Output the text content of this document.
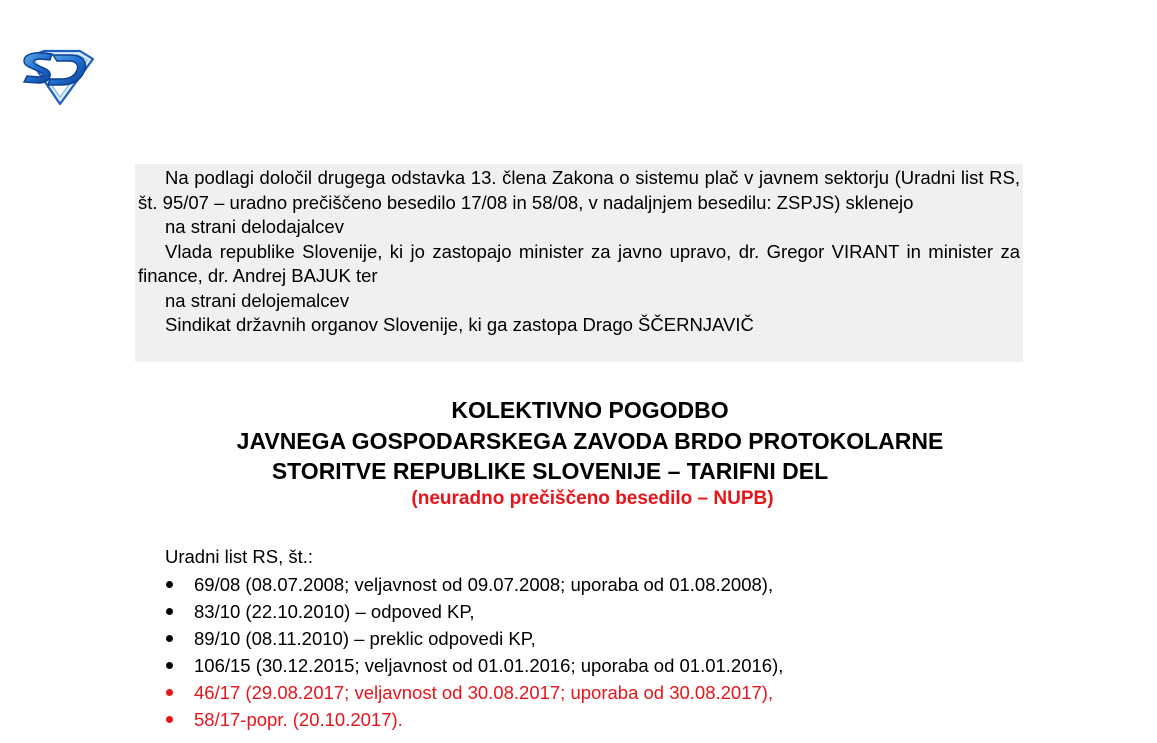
Na podlagi določil drugega odstavka 13. člena Zakona o sistemu plač v javnem sektorju (Uradni list RS, št. 95/07 – uradno prečiščeno besedilo 17/08 in 58/08, v nadaljnjem besedilu: ZSPJS) sklenejo

na strani delodajalcev

Vlada republike Slovenije, ki jo zastopajo minister za javno upravo, dr. Gregor VIRANT in minister za finance, dr. Andrej BAJUK ter

na strani delojemalcev

Sindikat državnih organov Slovenije, ki ga zastopa Drago ŠČERNJAVIČ

KOLEKTIVNO POGODBO
JAVNEGA GOSPODARSKEGA ZAVODA BRDO PROTOKOLARNE
STORITVE REPUBLIKE SLOVENIJE – TARIFNI DEL
(neuradno prečiščeno besedilo – NUPB)
Uradni list RS, št.:
69/08 (08.07.2008; veljavnost od 09.07.2008; uporaba od 01.08.2008),
83/10 (22.10.2010) – odpoved KP,
89/10 (08.11.2010) – preklic odpovedi KP,
106/15 (30.12.2015; veljavnost od 01.01.2016; uporaba od 01.01.2016),
46/17 (29.08.2017; veljavnost od 30.08.2017; uporaba od 30.08.2017),
58/17-popr. (20.10.2017).
